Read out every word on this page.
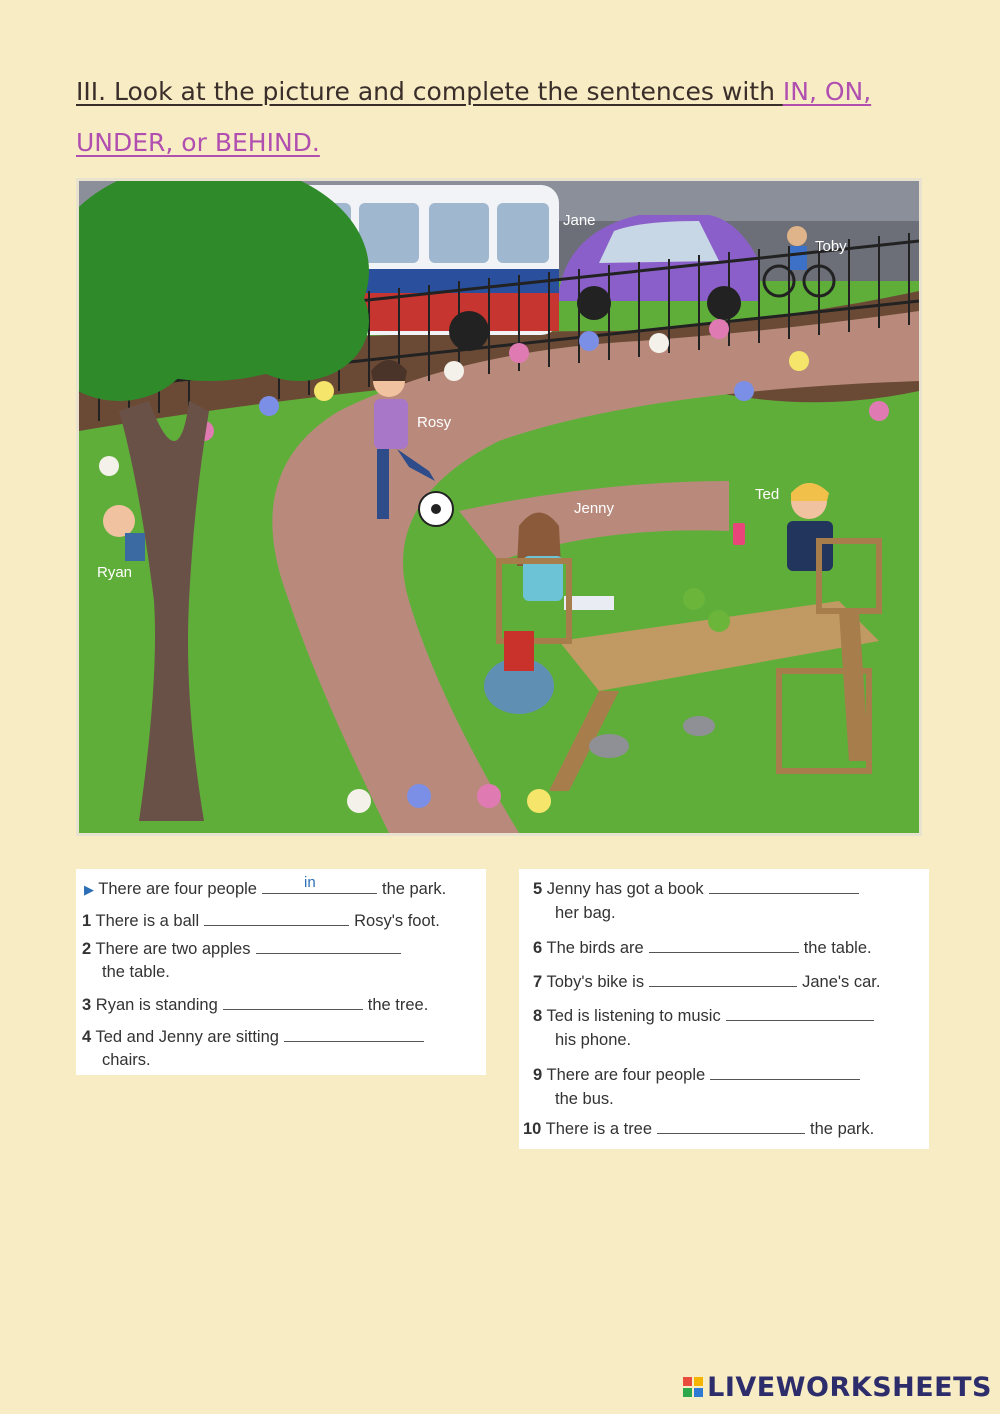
III. Look at the picture and complete the sentences with IN, ON,
UNDER, or BEHIND.
Jane
Toby
Rosy
Jenny
Ted
Ryan
▶ There are four people	in	the park.
1 There is a ball	Rosy's foot.
2 There are two apples
the table.
3 Ryan is standing	the tree.
4 Ted and Jenny are sitting
chairs.
5 Jenny has got a book
her bag.
6 The birds are	the table.
7 Toby's bike is	Jane's car.
8 Ted is listening to music
his phone.
9 There are four people
the bus.
10 There is a tree	the park.
LIVEWORKSHEETS
